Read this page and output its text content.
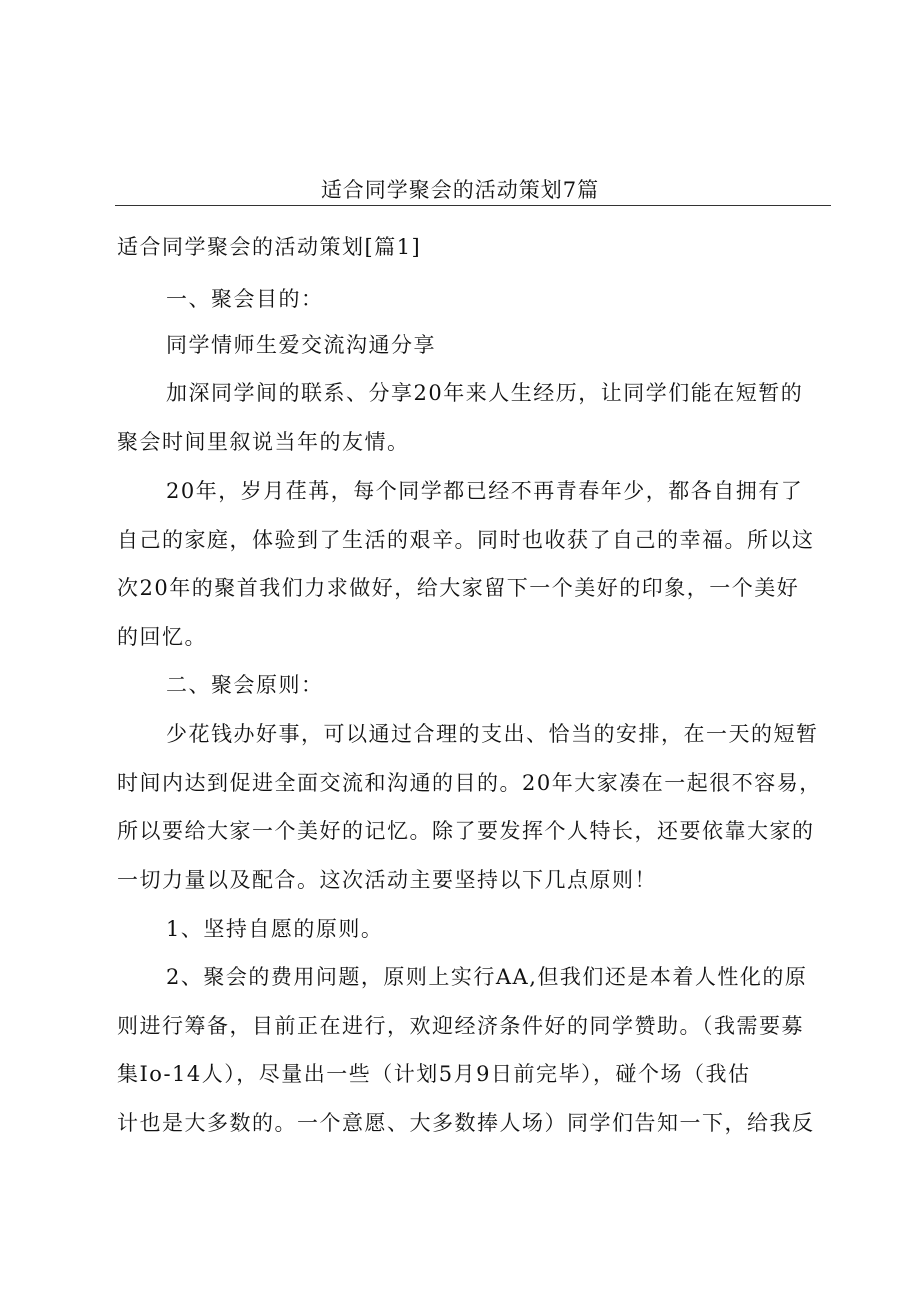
适合同学聚会的活动策划7篇
适合同学聚会的活动策划[篇1]
一、聚会目的：
同学情师生爱交流沟通分享
加深同学间的联系、分享20年来人生经历，让同学们能在短暂的
聚会时间里叙说当年的友情。
20年，岁月荏苒，每个同学都已经不再青春年少，都各自拥有了
自己的家庭，体验到了生活的艰辛。同时也收获了自己的幸福。所以这
次20年的聚首我们力求做好，给大家留下一个美好的印象，一个美好
的回忆。
二、聚会原则：
少花钱办好事，可以通过合理的支出、恰当的安排，在一天的短暂
时间内达到促进全面交流和沟通的目的。20年大家凑在一起很不容易，
所以要给大家一个美好的记忆。除了要发挥个人特长，还要依靠大家的
一切力量以及配合。这次活动主要坚持以下几点原则！
1、坚持自愿的原则。
2、聚会的费用问题，原则上实行AA,但我们还是本着人性化的原
则进行筹备，目前正在进行，欢迎经济条件好的同学赞助。（我需要募
集Io-14人），尽量出一些（计划5月9日前完毕），碰个场（我估
计也是大多数的。一个意愿、大多数捧人场）同学们告知一下，给我反
